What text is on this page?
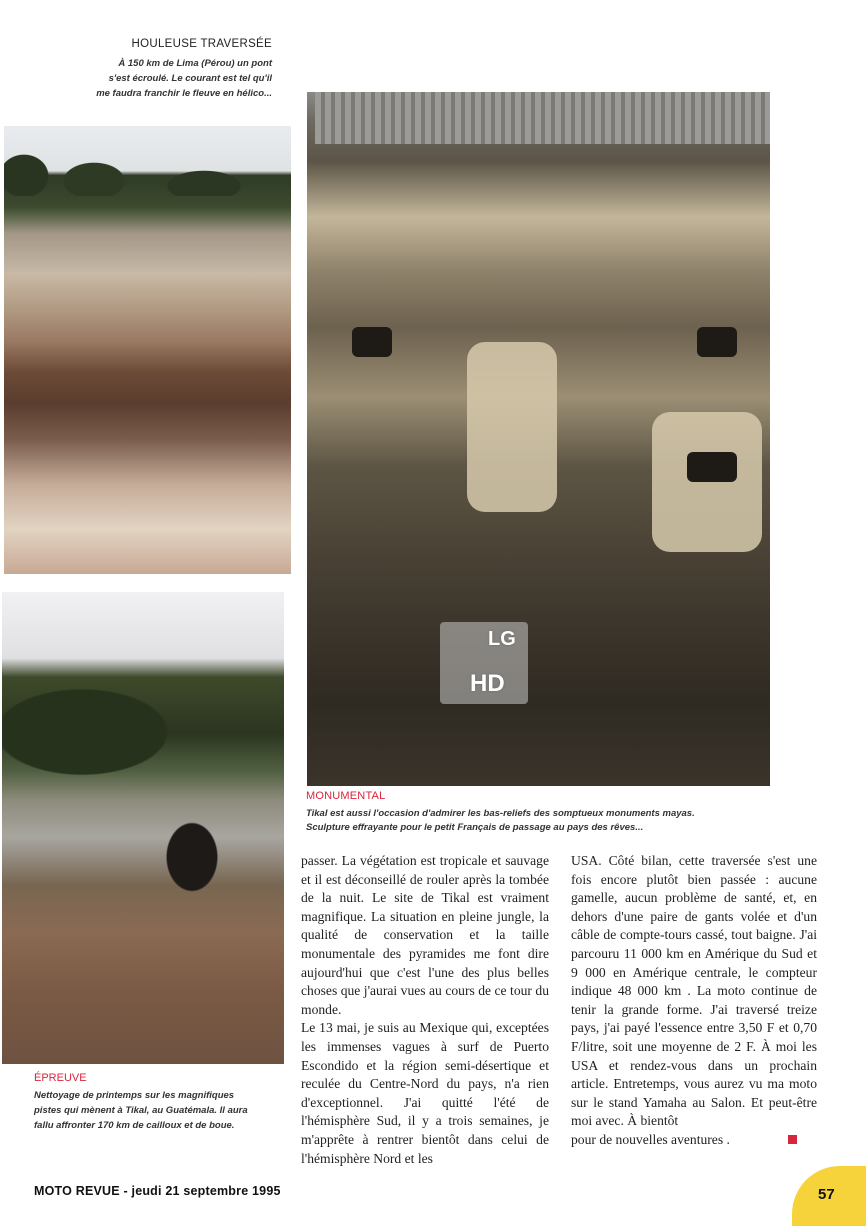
HOULEUSE TRAVERSÉE
À 150 km de Lima (Pérou) un pont
s'est écroulé. Le courant est tel qu'il
me faudra franchir le fleuve en hélico...
LG
HD
MONUMENTAL
Tikal est aussi l'occasion d'admirer les bas-reliefs des somptueux monuments mayas.
Sculpture effrayante pour le petit Français de passage au pays des rêves...
ÉPREUVE
Nettoyage de printemps sur les magnifiques
pistes qui mènent à Tikal, au Guatémala. Il aura
fallu affronter 170 km de cailloux et de boue.

passer. La végétation est tropicale et sauvage et il est déconseillé de rouler après la tombée de la nuit. Le site de Tikal est vraiment magnifique. La situation en pleine jungle, la qualité de conservation et la taille monumentale des pyramides me font dire aujourd'hui que c'est l'une des plus belles choses que j'aurai vues au cours de ce tour du monde.

Le 13 mai, je suis au Mexique qui, exceptées les immenses vagues à surf de Puerto Escondido et la région semi-désertique et reculée du Centre-Nord du pays, n'a rien d'exceptionnel. J'ai quitté l'été de l'hémisphère Sud, il y a trois semaines, je m'apprête à rentrer bientôt dans celui de l'hémisphère Nord et les

USA. Côté bilan, cette traversée s'est une fois encore plutôt bien passée : aucune gamelle, aucun problème de santé, et, en dehors d'une paire de gants volée et d'un câble de compte-tours cassé, tout baigne. J'ai parcouru 11 000 km en Amérique du Sud et 9 000 en Amérique centrale, le compteur indique 48 000 km . La moto continue de tenir la grande forme. J'ai traversé treize pays, j'ai payé l'essence entre 3,50 F et 0,70 F/litre, soit une moyenne de 2 F. À moi les USA et rendez-vous dans un prochain article. Entretemps, vous aurez vu ma moto sur le stand Yamaha au Salon. Et peut-être moi avec. À bientôt

pour de nouvelles aventures .

MOTO REVUE - jeudi 21 septembre 1995	57
